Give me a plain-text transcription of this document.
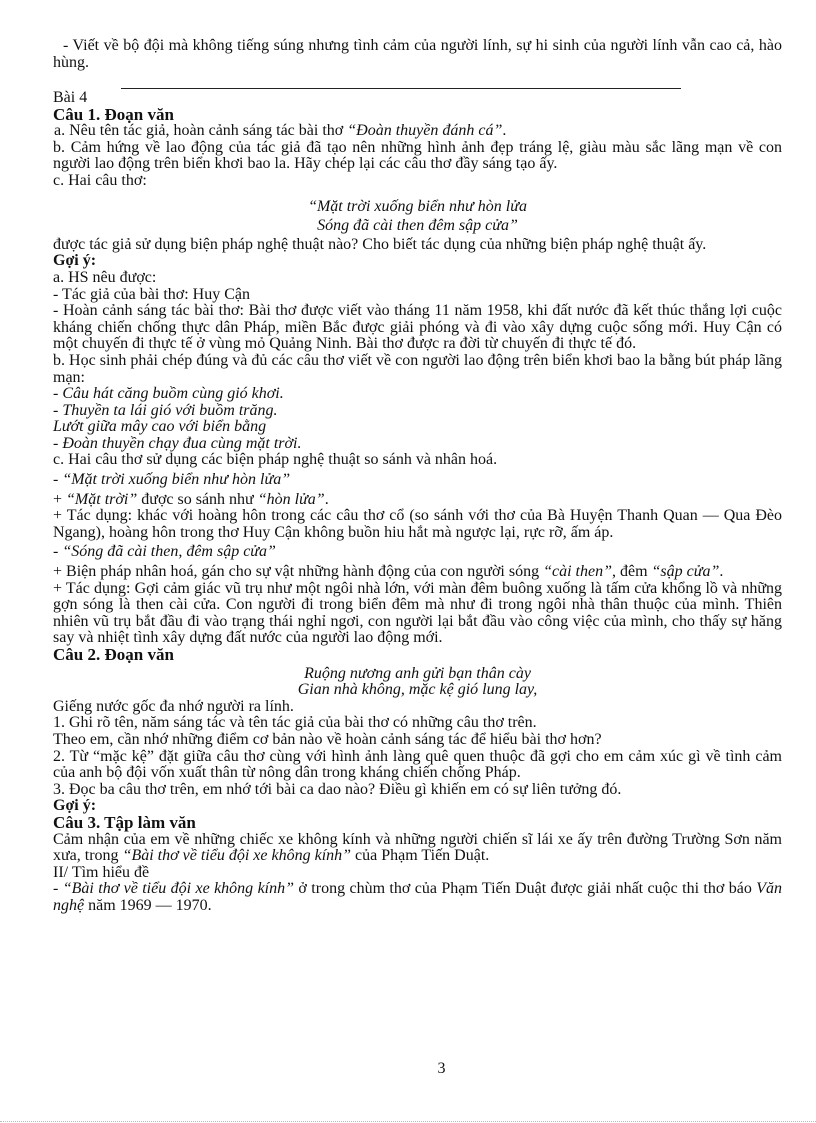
- Viết về bộ đội mà không tiếng súng nhưng tình cảm của người lính, sự hi sinh của người lính vẫn cao cả, hào hùng.

Bài 4

Câu 1. Đoạn văn

a. Nêu tên tác giả, hoàn cảnh sáng tác bài thơ “Đoàn thuyền đánh cá”.

b. Cảm hứng về lao động của tác giả đã tạo nên những hình ảnh đẹp tráng lệ, giàu màu sắc lãng mạn về con người lao động trên biển khơi bao la. Hãy chép lại các câu thơ đầy sáng tạo ấy.

c. Hai câu thơ:

“Mặt trời xuống biển như hòn lửa

Sóng đã cài then đêm sập cửa”

được tác giả sử dụng biện pháp nghệ thuật nào? Cho biết tác dụng của những biện pháp nghệ thuật ấy.

Gợi ý:

a. HS nêu được:

- Tác giả của bài thơ: Huy Cận

- Hoàn cảnh sáng tác bài thơ: Bài thơ được viết vào tháng 11 năm 1958, khi đất nước đã kết thúc thắng lợi cuộc kháng chiến chống thực dân Pháp, miền Bắc được giải phóng và đi vào xây dựng cuộc sống mới. Huy Cận có một chuyến đi thực tế ở vùng mỏ Quảng Ninh. Bài thơ được ra đời từ chuyến đi thực tế đó.

b. Học sinh phải chép đúng và đủ các câu thơ viết về con người lao động trên biển khơi bao la bằng bút pháp lãng mạn:

- Câu hát căng buồm cùng gió khơi.

- Thuyền ta lái gió với buồm trăng.

Lướt giữa mây cao với biển bằng

- Đoàn thuyền chạy đua cùng mặt trời.

c. Hai câu thơ sử dụng các biện pháp nghệ thuật so sánh và nhân hoá.

- “Mặt trời xuống biển như hòn lửa”

+ “Mặt trời” được so sánh như “hòn lửa”.

+ Tác dụng: khác với hoàng hôn trong các câu thơ cổ (so sánh với thơ của Bà Huyện Thanh Quan — Qua Đèo Ngang), hoàng hôn trong thơ Huy Cận không buồn hiu hắt mà ngược lại, rực rỡ, ấm áp.

- “Sóng đã cài then, đêm sập cửa”

+ Biện pháp nhân hoá, gán cho sự vật những hành động của con người sóng “cài then”, đêm “sập cửa”.

+ Tác dụng: Gợi cảm giác vũ trụ như một ngôi nhà lớn, với màn đêm buông xuống là tấm cửa khổng lồ và những gợn sóng là then cài cửa. Con người đi trong biển đêm mà như đi trong ngôi nhà thân thuộc của mình. Thiên nhiên vũ trụ bắt đầu đi vào trạng thái nghỉ ngơi, con người lại bắt đầu vào công việc của mình, cho thấy sự hăng say và nhiệt tình xây dựng đất nước của người lao động mới.

Câu 2. Đoạn văn

Ruộng nương anh gửi bạn thân cày

Gian nhà không, mặc kệ gió lung lay,

Giếng nước gốc đa nhớ người ra lính.

1. Ghi rõ tên, năm sáng tác và tên tác giả của bài thơ có những câu thơ trên.

Theo em, cần nhớ những điểm cơ bản nào về hoàn cảnh sáng tác để hiểu bài thơ hơn?

2. Từ “mặc kệ” đặt giữa câu thơ cùng với hình ảnh làng quê quen thuộc đã gợi cho em cảm xúc gì về tình cảm của anh bộ đội vốn xuất thân từ nông dân trong kháng chiến chống Pháp.

3. Đọc ba câu thơ trên, em nhớ tới bài ca dao nào? Điều gì khiến em có sự liên tưởng đó.

Gợi ý:

Câu 3. Tập làm văn

Cảm nhận của em về những chiếc xe không kính và những người chiến sĩ lái xe ấy trên đường Trường Sơn năm xưa, trong “Bài thơ về tiểu đội xe không kính” của Phạm Tiến Duật.

II/ Tìm hiểu đề

- “Bài thơ về tiểu đội xe không kính” ở trong chùm thơ của Phạm Tiến Duật được giải nhất cuộc thi thơ báo Văn nghệ năm 1969 — 1970.

3
